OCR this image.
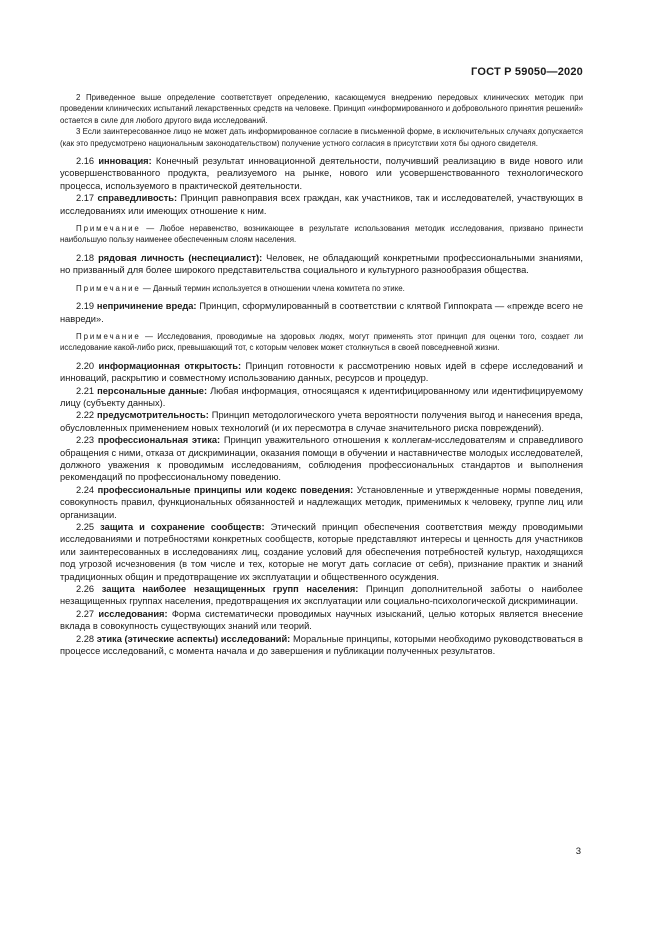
ГОСТ Р 59050—2020

2 Приведенное выше определение соответствует определению, касающемуся внедрению передовых клинических методик при проведении клинических испытаний лекарственных средств на человеке. Принцип «информированного и добровольного принятия решений» остается в силе для любого другого вида исследований.

3 Если заинтересованное лицо не может дать информированное согласие в письменной форме, в исключительных случаях допускается (как это предусмотрено национальным законодательством) получение устного согласия в присутствии хотя бы одного свидетеля.

2.16 инновация: Конечный результат инновационной деятельности, получивший реализацию в виде нового или усовершенствованного продукта, реализуемого на рынке, нового или усовершенствованного технологического процесса, используемого в практической деятельности.

2.17 справедливость: Принцип равноправия всех граждан, как участников, так и исследователей, участвующих в исследованиях или имеющих отношение к ним.

Примечание — Любое неравенство, возникающее в результате использования методик исследования, призвано принести наибольшую пользу наименее обеспеченным слоям населения.

2.18 рядовая личность (неспециалист): Человек, не обладающий конкретными профессиональными знаниями, но призванный для более широкого представительства социального и культурного разнообразия общества.

Примечание — Данный термин используется в отношении члена комитета по этике.

2.19 непричинение вреда: Принцип, сформулированный в соответствии с клятвой Гиппократа — «прежде всего не навреди».

Примечание — Исследования, проводимые на здоровых людях, могут применять этот принцип для оценки того, создает ли исследование какой-либо риск, превышающий тот, с которым человек может столкнуться в своей повседневной жизни.

2.20 информационная открытость: Принцип готовности к рассмотрению новых идей в сфере исследований и инноваций, раскрытию и совместному использованию данных, ресурсов и процедур.

2.21 персональные данные: Любая информация, относящаяся к идентифицированному или идентифицируемому лицу (субъекту данных).

2.22 предусмотрительность: Принцип методологического учета вероятности получения выгод и нанесения вреда, обусловленных применением новых технологий (и их пересмотра в случае значительного риска повреждений).

2.23 профессиональная этика: Принцип уважительного отношения к коллегам-исследователям и справедливого обращения с ними, отказа от дискриминации, оказания помощи в обучении и наставничестве молодых исследователей, должного уважения к проводимым исследованиям, соблюдения профессиональных стандартов и выполнения рекомендаций по профессиональному поведению.

2.24 профессиональные принципы или кодекс поведения: Установленные и утвержденные нормы поведения, совокупность правил, функциональных обязанностей и надлежащих методик, применимых к человеку, группе лиц или организации.

2.25 защита и сохранение сообществ: Этический принцип обеспечения соответствия между проводимыми исследованиями и потребностями конкретных сообществ, которые представляют интересы и ценность для участников или заинтересованных в исследованиях лиц, создание условий для обеспечения потребностей культур, находящихся под угрозой исчезновения (в том числе и тех, которые не могут дать согласие от себя), признание практик и знаний традиционных общин и предотвращение их эксплуатации и общественного осуждения.

2.26 защита наиболее незащищенных групп населения: Принцип дополнительной заботы о наиболее незащищенных группах населения, предотвращения их эксплуатации или социально-психологической дискриминации.

2.27 исследования: Форма систематически проводимых научных изысканий, целью которых является внесение вклада в совокупность существующих знаний или теорий.

2.28 этика (этические аспекты) исследований: Моральные принципы, которыми необходимо руководствоваться в процессе исследований, с момента начала и до завершения и публикации полученных результатов.

3
